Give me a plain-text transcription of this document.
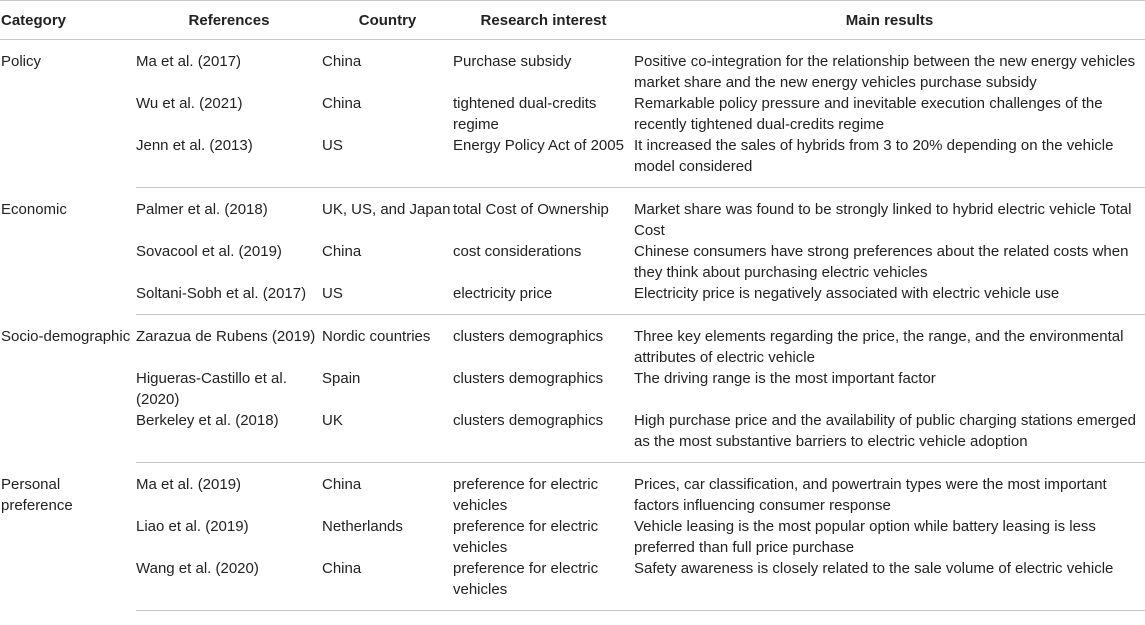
Category	References	Country	Research interest	Main results
Policy	Ma et al. (2017)	China	Purchase subsidy	Positive co-integration for the relationship between the new energy vehicles market share and the new energy vehicles purchase subsidy
	Wu et al. (2021)	China	tightened dual-credits regime	Remarkable policy pressure and inevitable execution challenges of the recently tightened dual-credits regime
	Jenn et al. (2013)	US	Energy Policy Act of 2005	It increased the sales of hybrids from 3 to 20% depending on the vehicle model considered
Economic	Palmer et al. (2018)	UK, US, and Japan	total Cost of Ownership	Market share was found to be strongly linked to hybrid electric vehicle Total Cost
	Sovacool et al. (2019)	China	cost considerations	Chinese consumers have strong preferences about the related costs when they think about purchasing electric vehicles
	Soltani-Sobh et al. (2017)	US	electricity price	Electricity price is negatively associated with electric vehicle use
Socio-demographic	Zarazua de Rubens (2019)	Nordic countries	clusters demographics	Three key elements regarding the price, the range, and the environmental attributes of electric vehicle
	Higueras-Castillo et al. (2020)	Spain	clusters demographics	The driving range is the most important factor
	Berkeley et al. (2018)	UK	clusters demographics	High purchase price and the availability of public charging stations emerged as the most substantive barriers to electric vehicle adoption
Personal preference	Ma et al. (2019)	China	preference for electric vehicles	Prices, car classification, and powertrain types were the most important factors influencing consumer response
	Liao et al. (2019)	Netherlands	preference for electric vehicles	Vehicle leasing is the most popular option while battery leasing is less preferred than full price purchase
	Wang et al. (2020)	China	preference for electric vehicles	Safety awareness is closely related to the sale volume of electric vehicle
